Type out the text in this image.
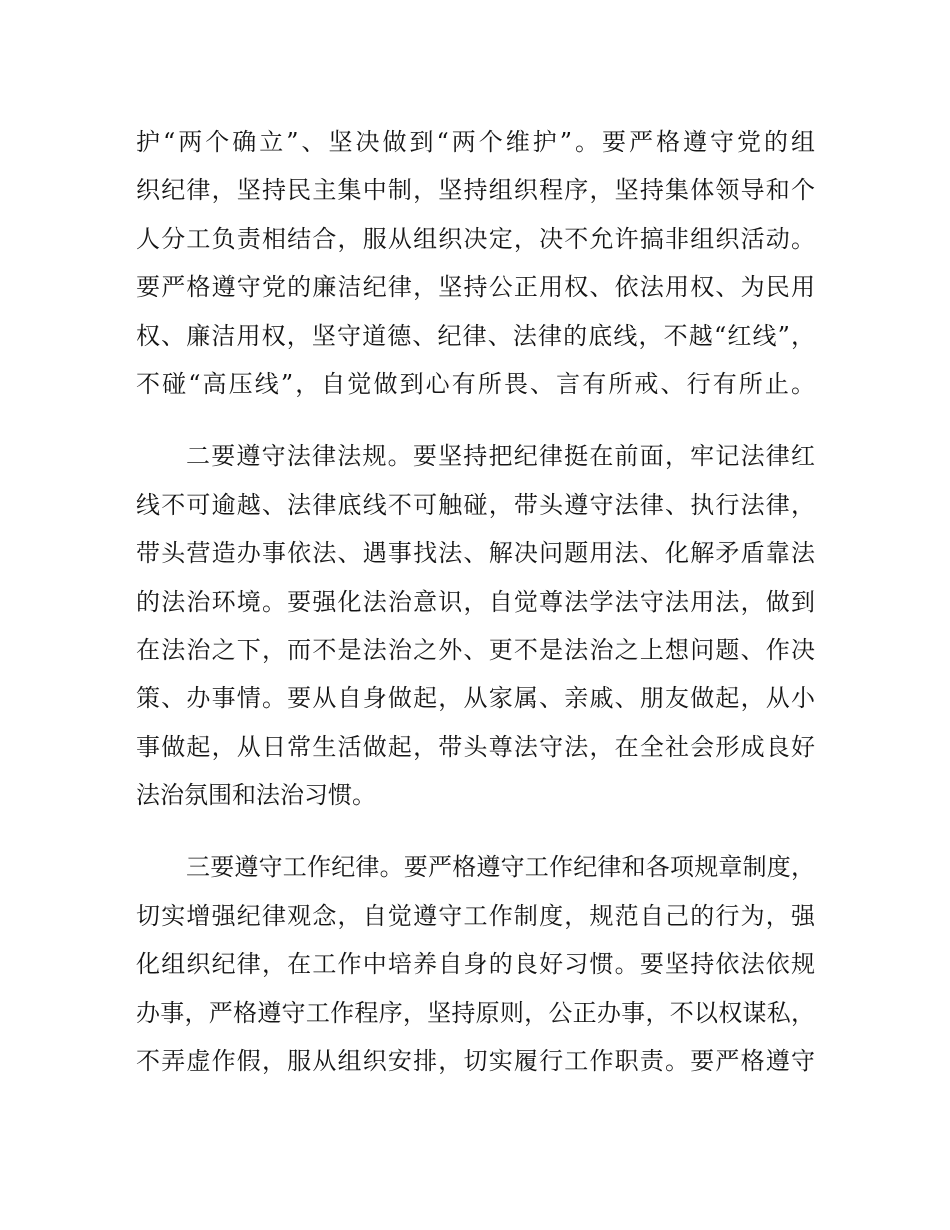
护“两个确立”、坚决做到“两个维护”。要严格遵守党的组
织纪律，坚持民主集中制，坚持组织程序，坚持集体领导和个
人分工负责相结合，服从组织决定，决不允许搞非组织活动。
要严格遵守党的廉洁纪律，坚持公正用权、依法用权、为民用
权、廉洁用权，坚守道德、纪律、法律的底线，不越“红线”，
不碰“高压线”，自觉做到心有所畏、言有所戒、行有所止。
二要遵守法律法规。要坚持把纪律挺在前面，牢记法律红
线不可逾越、法律底线不可触碰，带头遵守法律、执行法律，
带头营造办事依法、遇事找法、解决问题用法、化解矛盾靠法
的法治环境。要强化法治意识，自觉尊法学法守法用法，做到
在法治之下，而不是法治之外、更不是法治之上想问题、作决
策、办事情。要从自身做起，从家属、亲戚、朋友做起，从小
事做起，从日常生活做起，带头尊法守法，在全社会形成良好
法治氛围和法治习惯。
三要遵守工作纪律。要严格遵守工作纪律和各项规章制度，
切实增强纪律观念，自觉遵守工作制度，规范自己的行为，强
化组织纪律，在工作中培养自身的良好习惯。要坚持依法依规
办事，严格遵守工作程序，坚持原则，公正办事，不以权谋私，
不弄虚作假，服从组织安排，切实履行工作职责。要严格遵守
